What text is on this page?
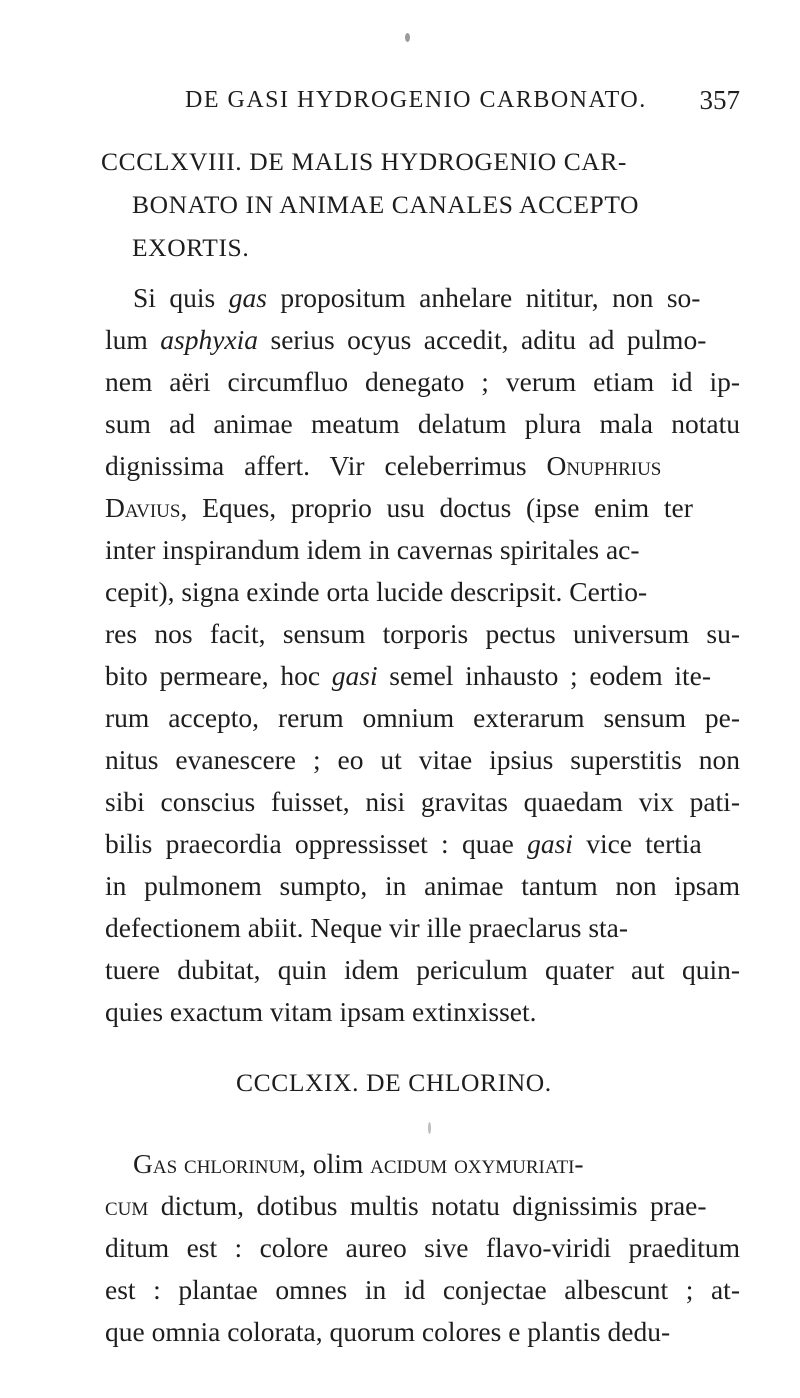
DE GASI HYDROGENIO CARBONATO. 357
CCCLXVIII. DE MALIS HYDROGENIO CAR-
BONATO IN ANIMAE CANALES ACCEPTO
EXORTIS.
Si quis gas propositum anhelare nititur, non so-
lum asphyxia serius ocyus accedit, aditu ad pulmo-
nem aëri circumfluo denegato ; verum etiam id ip-
sum ad animae meatum delatum plura mala notatu
dignissima affert. Vir celeberrimus Onuphrius
Davius, Eques, proprio usu doctus (ipse enim ter
inter inspirandum idem in cavernas spiritales ac-
cepit), signa exinde orta lucide descripsit. Certio-
res nos facit, sensum torporis pectus universum su-
bito permeare, hoc gasi semel inhausto ; eodem ite-
rum accepto, rerum omnium exterarum sensum pe-
nitus evanescere ; eo ut vitae ipsius superstitis non
sibi conscius fuisset, nisi gravitas quaedam vix pati-
bilis praecordia oppressisset : quae gasi vice tertia
in pulmonem sumpto, in animae tantum non ipsam
defectionem abiit. Neque vir ille praeclarus sta-
tuere dubitat, quin idem periculum quater aut quin-
quies exactum vitam ipsam extinxisset.
CCCLXIX. DE CHLORINO.
Gas chlorinum, olim acidum oxymuriati-
cum dictum, dotibus multis notatu dignissimis prae-
ditum est : colore aureo sive flavo-viridi praeditum
est : plantae omnes in id conjectae albescunt ; at-
que omnia colorata, quorum colores e plantis dedu-
